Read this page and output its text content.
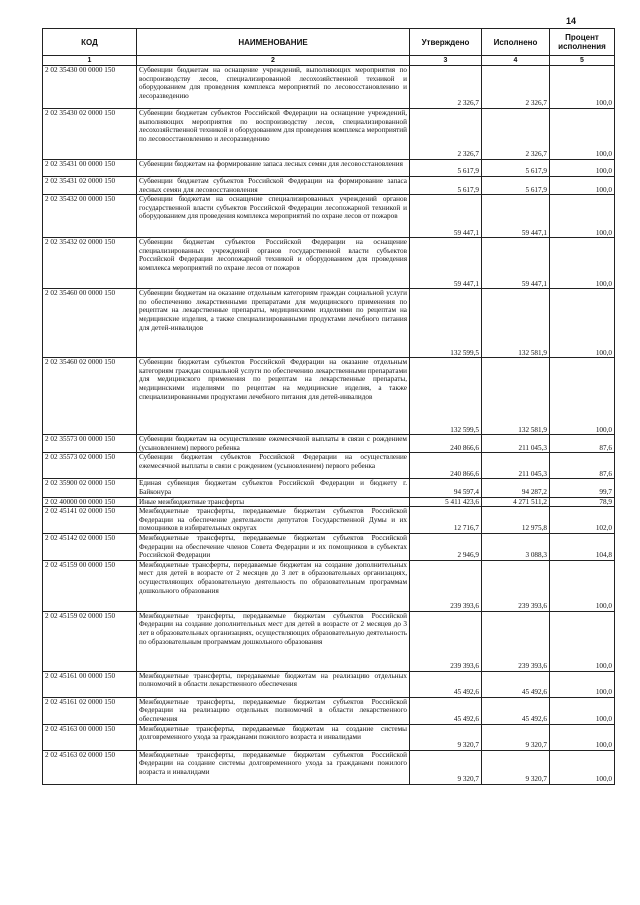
14
КОД	НАИМЕНОВАНИЕ	Утверждено	Исполнено	Процент исполнения
1	2	3	4	5
2 02 35430 00 0000 150	Субвенции бюджетам на оснащение учреждений, выполняющих мероприятия по воспроизводству лесов, специализированной лесохозяйственной техникой и оборудованием для проведения комплекса мероприятий по лесовосстановлению и лесоразведению	2 326,7	2 326,7	100,0
2 02 35430 02 0000 150	Субвенции бюджетам субъектов Российской Федерации на оснащение учреждений, выполняющих мероприятия по воспроизводству лесов, специализированной лесохозяйственной техникой и оборудованием для проведения комплекса мероприятий по лесовосстановлению и лесоразведению	2 326,7	2 326,7	100,0
2 02 35431 00 0000 150	Субвенции бюджетам на формирование запаса лесных семян для лесовосстановления	5 617,9	5 617,9	100,0
2 02 35431 02 0000 150	Субвенции бюджетам субъектов Российской Федерации на формирование запаса лесных семян для лесовосстановления	5 617,9	5 617,9	100,0
2 02 35432 00 0000 150	Субвенции бюджетам на оснащение специализированных учреждений органов государственной власти субъектов Российской Федерации лесопожарной техникой и оборудованием для проведения комплекса мероприятий по охране лесов от пожаров	59 447,1	59 447,1	100,0
2 02 35432 02 0000 150	Субвенции бюджетам субъектов Российской Федерации на оснащение специализированных учреждений органов государственной власти субъектов Российской Федерации лесопожарной техникой и оборудованием для проведения комплекса мероприятий по охране лесов от пожаров	59 447,1	59 447,1	100,0
2 02 35460 00 0000 150	Субвенции бюджетам на оказание отдельным категориям граждан социальной услуги по обеспечению лекарственными препаратами для медицинского применения по рецептам на лекарственные препараты, медицинскими изделиями по рецептам на медицинские изделия, а также специализированными продуктами лечебного питания для детей-инвалидов	132 599,5	132 581,9	100,0
2 02 35460 02 0000 150	Субвенции бюджетам субъектов Российской Федерации на оказание отдельным категориям граждан социальной услуги по обеспечению лекарственными препаратами для медицинского применения по рецептам на лекарственные препараты, медицинскими изделиями по рецептам на медицинские изделия, а также специализированными продуктами лечебного питания для детей-инвалидов	132 599,5	132 581,9	100,0
2 02 35573 00 0000 150	Субвенции бюджетам на осуществление ежемесячной выплаты в связи с рождением (усыновлением) первого ребенка	240 866,6	211 045,3	87,6
2 02 35573 02 0000 150	Субвенции бюджетам субъектов Российской Федерации на осуществление ежемесячной выплаты в связи с рождением (усыновлением) первого ребенка	240 866,6	211 045,3	87,6
2 02 35900 02 0000 150	Единая субвенция бюджетам субъектов Российской Федерации и бюджету г. Байконура	94 597,4	94 287,2	99,7
2 02 40000 00 0000 150	Иные межбюджетные трансферты	5 411 423,6	4 271 511,2	78,9
2 02 45141 02 0000 150	Межбюджетные трансферты, передаваемые бюджетам субъектов Российской Федерации на обеспечение деятельности депутатов Государственной Думы и их помощников в избирательных округах	12 716,7	12 975,8	102,0
2 02 45142 02 0000 150	Межбюджетные трансферты, передаваемые бюджетам субъектов Российской Федерации на обеспечение членов Совета Федерации и их помощников в субъектах Российской Федерации	2 946,9	3 088,3	104,8
2 02 45159 00 0000 150	Межбюджетные трансферты, передаваемые бюджетам на создание дополнительных мест для детей в возрасте от 2 месяцев до 3 лет в образовательных организациях, осуществляющих образовательную деятельность по образовательным программам дошкольного образования	239 393,6	239 393,6	100,0
2 02 45159 02 0000 150	Межбюджетные трансферты, передаваемые бюджетам субъектов Российской Федерации на создание дополнительных мест для детей в возрасте от 2 месяцев до 3 лет в образовательных организациях, осуществляющих образовательную деятельность по образовательным программам дошкольного образования	239 393,6	239 393,6	100,0
2 02 45161 00 0000 150	Межбюджетные трансферты, передаваемые бюджетам на реализацию отдельных полномочий в области лекарственного обеспечения	45 492,6	45 492,6	100,0
2 02 45161 02 0000 150	Межбюджетные трансферты, передаваемые бюджетам субъектов Российской Федерации на реализацию отдельных полномочий в области лекарственного обеспечения	45 492,6	45 492,6	100,0
2 02 45163 00 0000 150	Межбюджетные трансферты, передаваемые бюджетам на создание системы долговременного ухода за гражданами пожилого возраста и инвалидами	9 320,7	9 320,7	100,0
2 02 45163 02 0000 150	Межбюджетные трансферты, передаваемые бюджетам субъектов Российской Федерации на создание системы долговременного ухода за гражданами пожилого возраста и инвалидами	9 320,7	9 320,7	100,0
